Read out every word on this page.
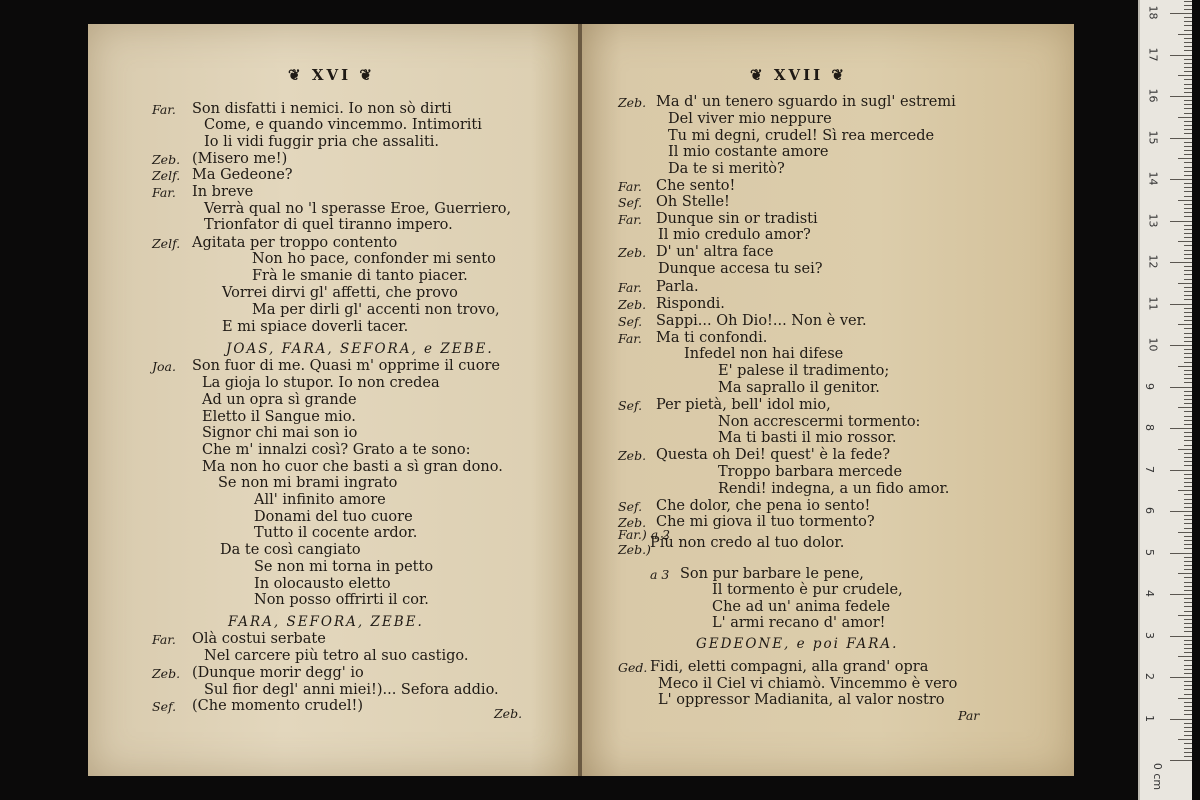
❦ XVI ❦
Far. Son disfatti i nemici. Io non sò dirti
Come, e quando vincemmo. Intimoriti
Io li vidi fuggir pria che assaliti.
Zeb. (Misero me!)
Zelf. Ma Gedeone?
Far. In breve
Verrà qual no 'l sperasse Eroe, Guerriero,
Trionfator di quel tiranno impero.
Zelf. Agitata per troppo contento
Non ho pace, confonder mi sento
Frà le smanie di tanto piacer.
Vorrei dirvi gl' affetti, che provo
Ma per dirli gl' accenti non trovo,
E mi spiace doverli tacer.
JOAS, FARA, SEFORA, e ZEBE.
Joa. Son fuor di me. Quasi m' opprime il cuore
La gioja lo stupor. Io non credea
Ad un opra sì grande
Eletto il Sangue mio.
Signor chi mai son io
Che m' innalzi così? Grato a te sono:
Ma non ho cuor che basti a sì gran dono.
Se non mi brami ingrato
All' infinito amore
Donami del tuo cuore
Tutto il cocente ardor.
Da te così cangiato
Se non mi torna in petto
In olocausto eletto
Non posso offrirti il cor.
FARA, SEFORA, ZEBE.
Far. Olà costui serbate
Nel carcere più tetro al suo castigo.
Zeb. (Dunque morir degg' io
Sul fior degl' anni miei!)... Sefora addio.
Sef. (Che momento crudel!)	Zeb.
❦ XVII ❦
Zeb. Ma d' un tenero sguardo in sugl' estremi
Del viver mio neppure
Tu mi degni, crudel! Sì rea mercede
Il mio costante amore
Da te si meritò?
Far. Che sento!
Sef. Oh Stelle!
Far. Dunque sin or tradisti
Il mio credulo amor?
Zeb. D' un' altra face
Dunque accesa tu sei?
Far. Parla.
Zeb. Rispondi.
Sef. Sappi... Oh Dio!... Non è ver.
Far. Ma ti confondi.
Infedel non hai difese
E' palese il tradimento;
Ma saprallo il genitor.
Sef. Per pietà, bell' idol mio,
Non accrescermi tormento:
Ma ti basti il mio rossor.
Zeb. Questa oh Dei! quest' è la fede?
Troppo barbara mercede
Rendi! indegna, a un fido amor.
Sef. Che dolor, che pena io sento!
Zeb. Che mi giova il tuo tormento?
Far.) a 2
Zeb.) Più non credo al tuo dolor.
a 3 Son pur barbare le pene,
Il tormento è pur crudele,
Che ad un' anima fedele
L' armi recano d' amor!
GEDEONE, e poi FARA.
Ged. Fidi, eletti compagni, alla grand' opra
Meco il Ciel vi chiamò. Vincemmo è vero
L' oppressor Madianita, al valor nostro
Par
0 cm
1
2
3
4
5
6
7
8
9
10
11
12
13
14
15
16
17
18
